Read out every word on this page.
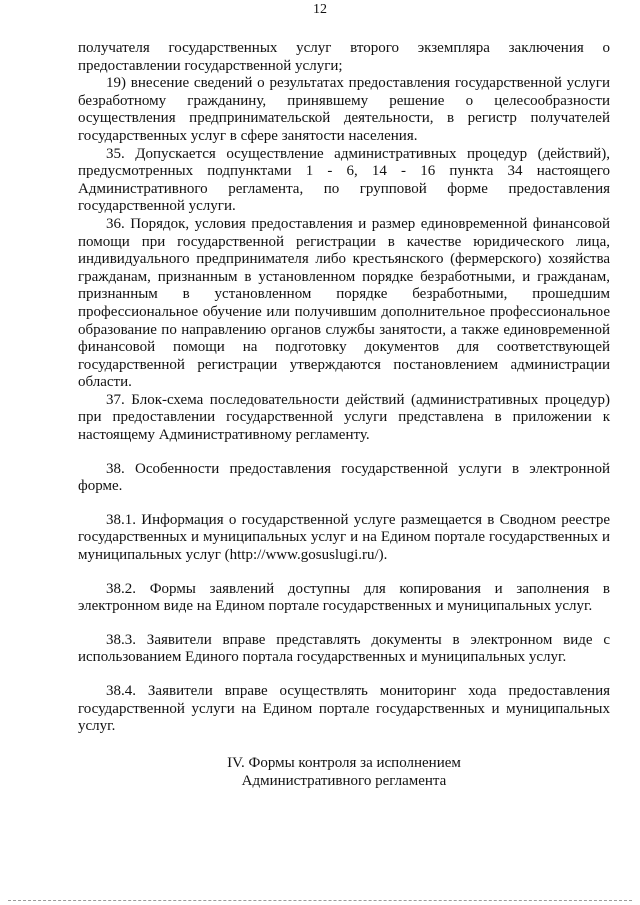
12

получателя государственных услуг второго экземпляра заключения о предоставлении государственной услуги;

19) внесение сведений о результатах предоставления государственной услуги безработному гражданину, принявшему решение о целесообразности осуществления предпринимательской деятельности, в регистр получателей государственных услуг в сфере занятости населения.

35. Допускается осуществление административных процедур (действий), предусмотренных подпунктами 1 - 6, 14 - 16 пункта 34 настоящего Административного регламента, по групповой форме предоставления государственной услуги.

36. Порядок, условия предоставления и размер единовременной финансовой помощи при государственной регистрации в качестве юридического лица, индивидуального предпринимателя либо крестьянского (фермерского) хозяйства гражданам, признанным в установленном порядке безработными, и гражданам, признанным в установленном порядке безработными, прошедшим профессиональное обучение или получившим дополнительное профессиональное образование по направлению органов службы занятости, а также единовременной финансовой помощи на подготовку документов для соответствующей государственной регистрации утверждаются постановлением администрации области.

37. Блок-схема последовательности действий (административных процедур) при предоставлении государственной услуги представлена в приложении к настоящему Административному регламенту.

38. Особенности предоставления государственной услуги в электронной форме.

38.1. Информация о государственной услуге размещается в Сводном реестре государственных и муниципальных услуг и на Едином портале государственных и муниципальных услуг (http://www.gosuslugi.ru/).

38.2. Формы заявлений доступны для копирования и заполнения в электронном виде на Едином портале государственных и муниципальных услуг.

38.3. Заявители вправе представлять документы в электронном виде с использованием Единого портала государственных и муниципальных услуг.

38.4. Заявители вправе осуществлять мониторинг хода предоставления государственной услуги на Едином портале государственных и муниципальных услуг.

IV. Формы контроля за исполнением
Административного регламента
